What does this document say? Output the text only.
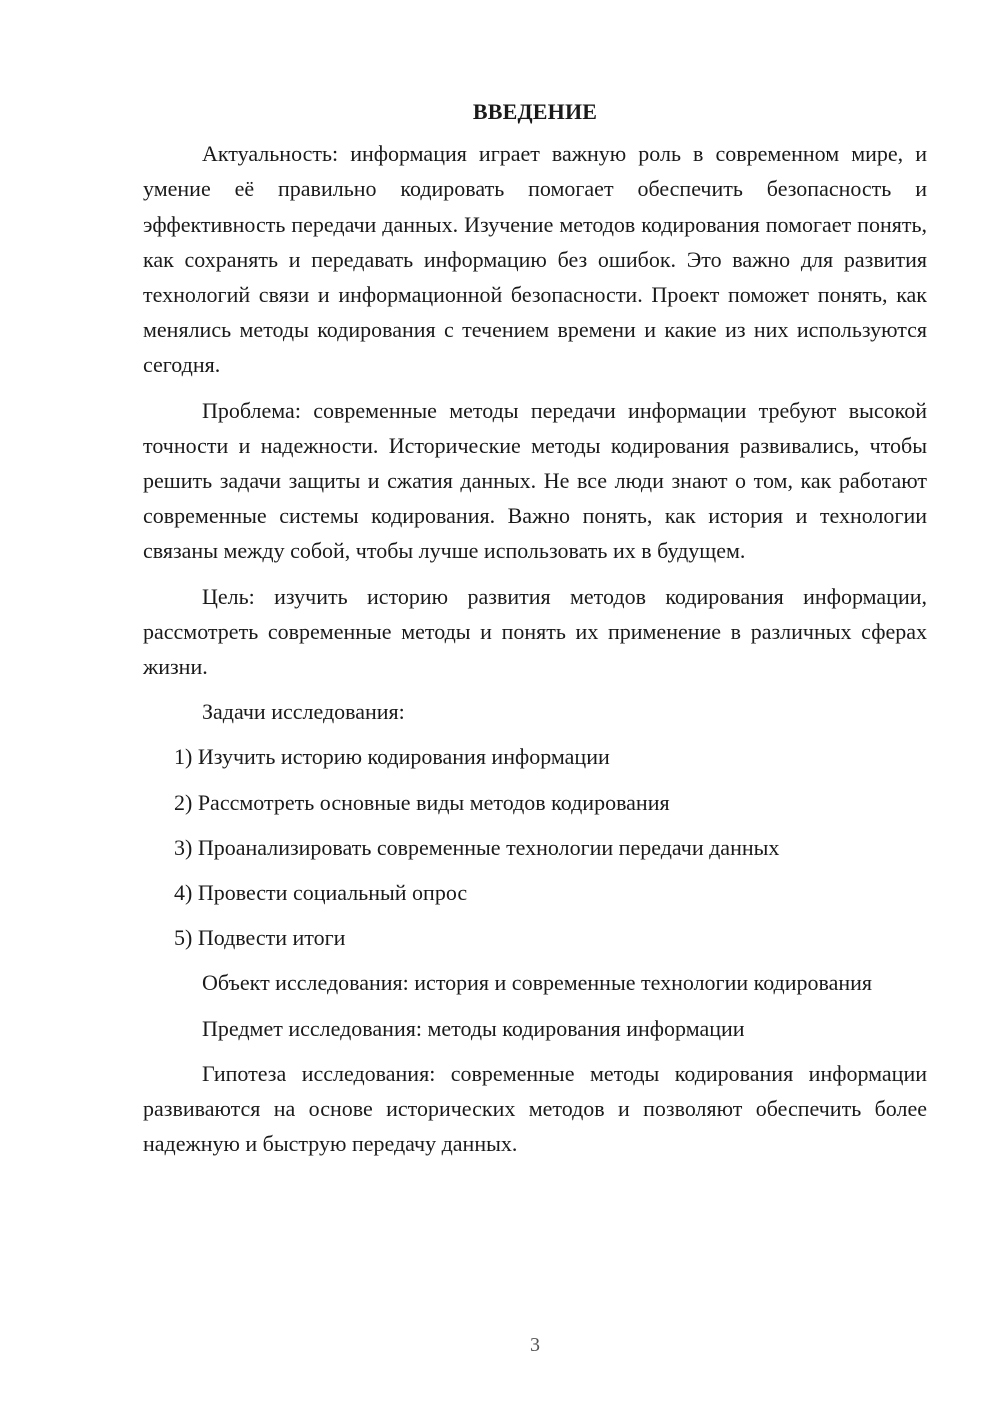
ВВЕДЕНИЕ

Актуальность: информация играет важную роль в современном мире, и умение её правильно кодировать помогает обеспечить безопасность и эффективность передачи данных. Изучение методов кодирования помогает понять, как сохранять и передавать информацию без ошибок. Это важно для развития технологий связи и информационной безопасности. Проект поможет понять, как менялись методы кодирования с течением времени и какие из них используются сегодня.

Проблема: современные методы передачи информации требуют высокой точности и надежности. Исторические методы кодирования развивались, чтобы решить задачи защиты и сжатия данных. Не все люди знают о том, как работают современные системы кодирования. Важно понять, как история и технологии связаны между собой, чтобы лучше использовать их в будущем.

Цель: изучить историю развития методов кодирования информации, рассмотреть современные методы и понять их применение в различных сферах жизни.

Задачи исследования:

1) Изучить историю кодирования информации
2) Рассмотреть основные виды методов кодирования
3) Проанализировать современные технологии передачи данных
4) Провести социальный опрос
5) Подвести итоги

Объект исследования: история и современные технологии кодирования

Предмет исследования: методы кодирования информации

Гипотеза исследования: современные методы кодирования информации развиваются на основе исторических методов и позволяют обеспечить более надежную и быструю передачу данных.

3
